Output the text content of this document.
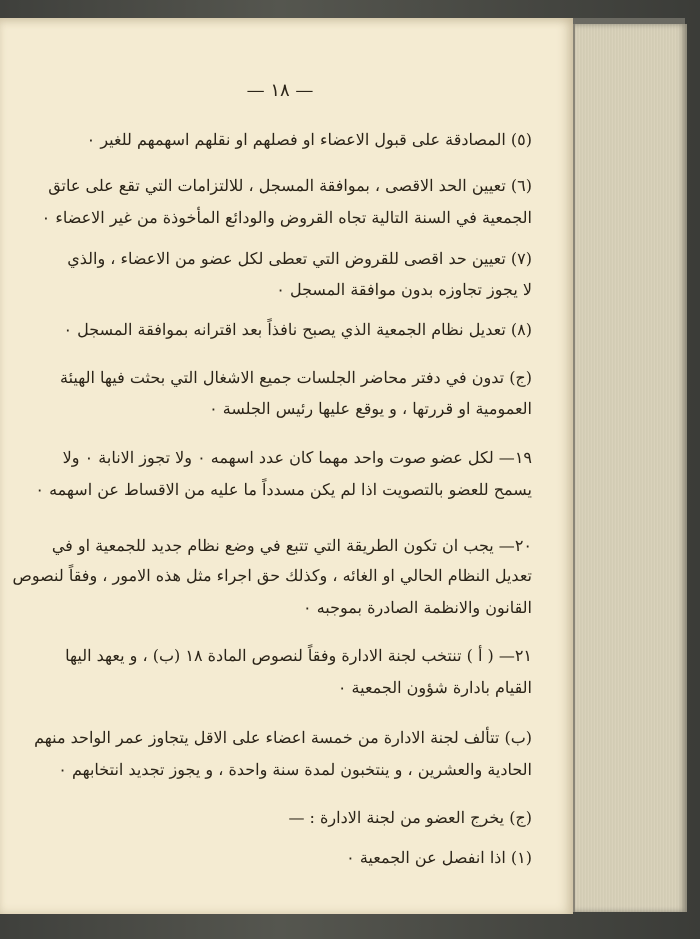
— ١٨ —
(٥) المصادقة على قبول الاعضاء او فصلهم او نقلهم اسهمهم للغير ٠
(٦) تعيين الحد الاقصى ، بموافقة المسجل ، للالتزامات التي تقع على عاتق
الجمعية في السنة التالية تجاه القروض والودائع المأخوذة من غير الاعضاء ٠
(٧) تعيين حد اقصى للقروض التي تعطى لكل عضو من الاعضاء ، والذي
لا يجوز تجاوزه بدون موافقة المسجل ٠
(٨) تعديل نظام الجمعية الذي يصبح نافذاً بعد اقترانه بموافقة المسجل ٠
(ج) تدون في دفتر محاضر الجلسات جميع الاشغال التي بحثت فيها الهيئة
العمومية او قررتها ، و يوقع عليها رئيس الجلسة ٠
١٩— لكل عضو صوت واحد مهما كان عدد اسهمه ٠ ولا تجوز الانابة ٠ ولا
يسمح للعضو بالتصويت اذا لم يكن مسدداً ما عليه من الاقساط عن اسهمه ٠
٢٠— يجب ان تكون الطريقة التي تتبع في وضع نظام جديد للجمعية او في
تعديل النظام الحالي او الغائه ، وكذلك حق اجراء مثل هذه الامور ، وفقاً لنصوص
القانون والانظمة الصادرة بموجبه ٠
٢١— ( أ ) تنتخب لجنة الادارة وفقاً لنصوص المادة ١٨ (ب) ، و يعهد اليها
القيام بادارة شؤون الجمعية ٠
(ب) تتألف لجنة الادارة من خمسة اعضاء على الاقل يتجاوز عمر الواحد منهم
الحادية والعشرين ، و ينتخبون لمدة سنة واحدة ، و يجوز تجديد انتخابهم ٠
(ج) يخرج العضو من لجنة الادارة : —
(١) اذا انفصل عن الجمعية ٠
